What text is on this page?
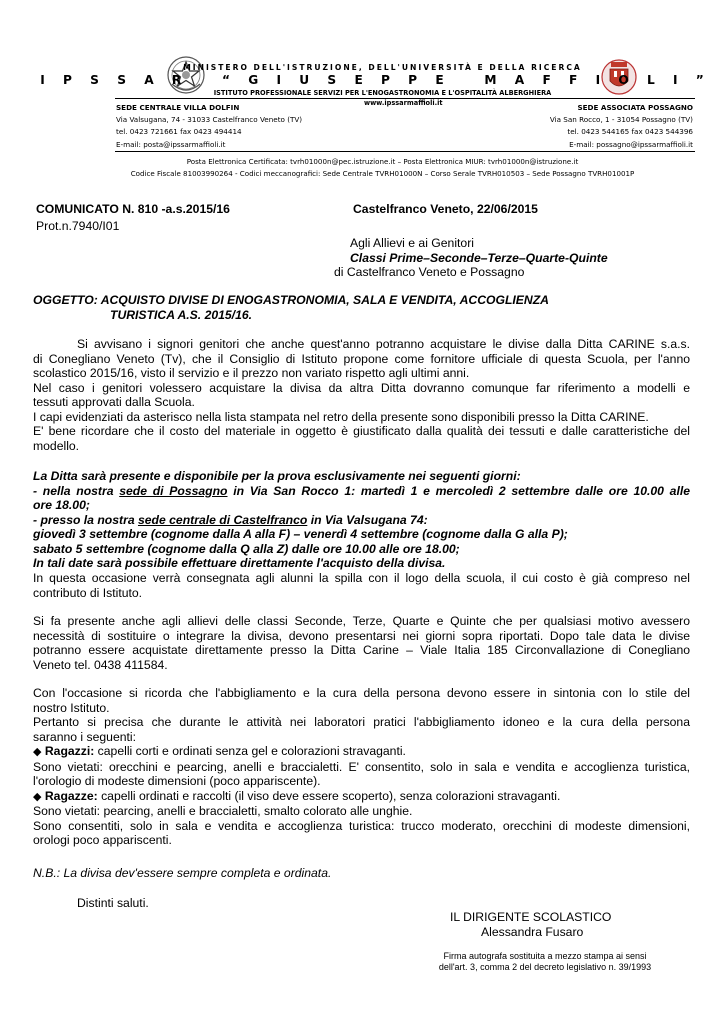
MINISTERO DELL'ISTRUZIONE, DELL'UNIVERSITÀ E DELLA RICERCA
I P S S A R   “ G I U S E P P E   M A F F I O L I ”
ISTITUTO PROFESSIONALE SERVIZI PER L'ENOGASTRONOMIA E L'OSPITALITÀ ALBERGHIERA
www.ipssarmaffioli.it
SEDE CENTRALE VILLA DOLFIN
Via Valsugana, 74 - 31033 Castelfranco Veneto (TV)
tel. 0423 721661 fax 0423 494414
E-mail: posta@ipssarmaffioli.it
SEDE ASSOCIATA POSSAGNO
Via San Rocco, 1 - 31054 Possagno (TV)
tel. 0423 544165 fax 0423 544396
E-mail: possagno@ipssarmaffioli.it
Posta Elettronica Certificata: tvrh01000n@pec.istruzione.it – Posta Elettronica MIUR: tvrh01000n@istruzione.it
Codice Fiscale 81003990264 - Codici meccanografici: Sede Centrale TVRH01000N – Corso Serale TVRH010503 – Sede Possagno TVRH01001P
COMUNICATO N. 810 -a.s.2015/16	Castelfranco Veneto, 22/06/2015
Prot.n.7940/I01
Agli Allievi e ai Genitori
Classi Prime–Seconde–Terze–Quarte-Quinte
di Castelfranco Veneto e Possagno
OGGETTO: ACQUISTO DIVISE DI ENOGASTRONOMIA, SALA E VENDITA, ACCOGLIENZA
TURISTICA A.S. 2015/16.

Si avvisano i signori genitori che anche quest'anno potranno acquistare le divise dalla Ditta CARINE s.a.s.

di Conegliano Veneto (Tv), che il Consiglio di Istituto propone come fornitore ufficiale di questa Scuola, per l'anno

scolastico 2015/16, visto il servizio e il prezzo non variato rispetto agli ultimi anni.

Nel caso i genitori volessero acquistare la divisa da altra Ditta dovranno comunque far riferimento a modelli e

tessuti approvati dalla Scuola.

I capi evidenziati da asterisco nella lista stampata nel retro della presente sono disponibili presso la Ditta CARINE.

E' bene ricordare che il costo del materiale in oggetto è giustificato dalla qualità dei tessuti e dalle caratteristiche del

modello.

La Ditta sarà presente e disponibile per la prova esclusivamente nei seguenti giorni:

- nella nostra sede di Possagno in Via San Rocco 1: martedì 1 e mercoledì 2 settembre dalle ore 10.00 alle

ore 18.00;

- presso la nostra sede centrale di Castelfranco in Via Valsugana 74:

giovedì 3 settembre (cognome dalla A alla F) – venerdì 4 settembre (cognome dalla G alla P);

sabato 5 settembre (cognome dalla Q alla Z) dalle ore 10.00 alle ore 18.00;

In tali date sarà possibile effettuare direttamente l'acquisto della divisa.

In questa occasione verrà consegnata agli alunni la spilla con il logo della scuola, il cui costo è già compreso nel

contributo di Istituto.

Si fa presente anche agli allievi delle classi Seconde, Terze, Quarte e Quinte che per qualsiasi motivo avessero

necessità di sostituire o integrare la divisa, devono presentarsi nei giorni sopra riportati. Dopo tale data le divise

potranno essere acquistate direttamente presso la Ditta Carine – Viale Italia 185 Circonvallazione di Conegliano

Veneto tel. 0438 411584.

Con l'occasione si ricorda che l'abbigliamento e la cura della persona devono essere in sintonia con lo stile del

nostro Istituto.

Pertanto si precisa che durante le attività nei laboratori pratici l'abbigliamento idoneo e la cura della persona

saranno i seguenti:

◆ Ragazzi: capelli corti e ordinati senza gel e colorazioni stravaganti.

Sono vietati: orecchini e pearcing, anelli e braccialetti. E' consentito, solo in sala e vendita e accoglienza turistica,

l'orologio di modeste dimensioni (poco appariscente).

◆ Ragazze: capelli ordinati e raccolti (il viso deve essere scoperto), senza colorazioni stravaganti.

Sono vietati: pearcing, anelli e braccialetti, smalto colorato alle unghie.

Sono consentiti, solo in sala e vendita e accoglienza turistica: trucco moderato, orecchini di modeste dimensioni,

orologi poco appariscenti.

N.B.: La divisa dev'essere sempre completa e ordinata.
Distinti saluti.
IL DIRIGENTE SCOLASTICO
Alessandra Fusaro
Firma autografa sostituita a mezzo stampa ai sensi
dell'art. 3, comma 2 del decreto legislativo n. 39/1993
